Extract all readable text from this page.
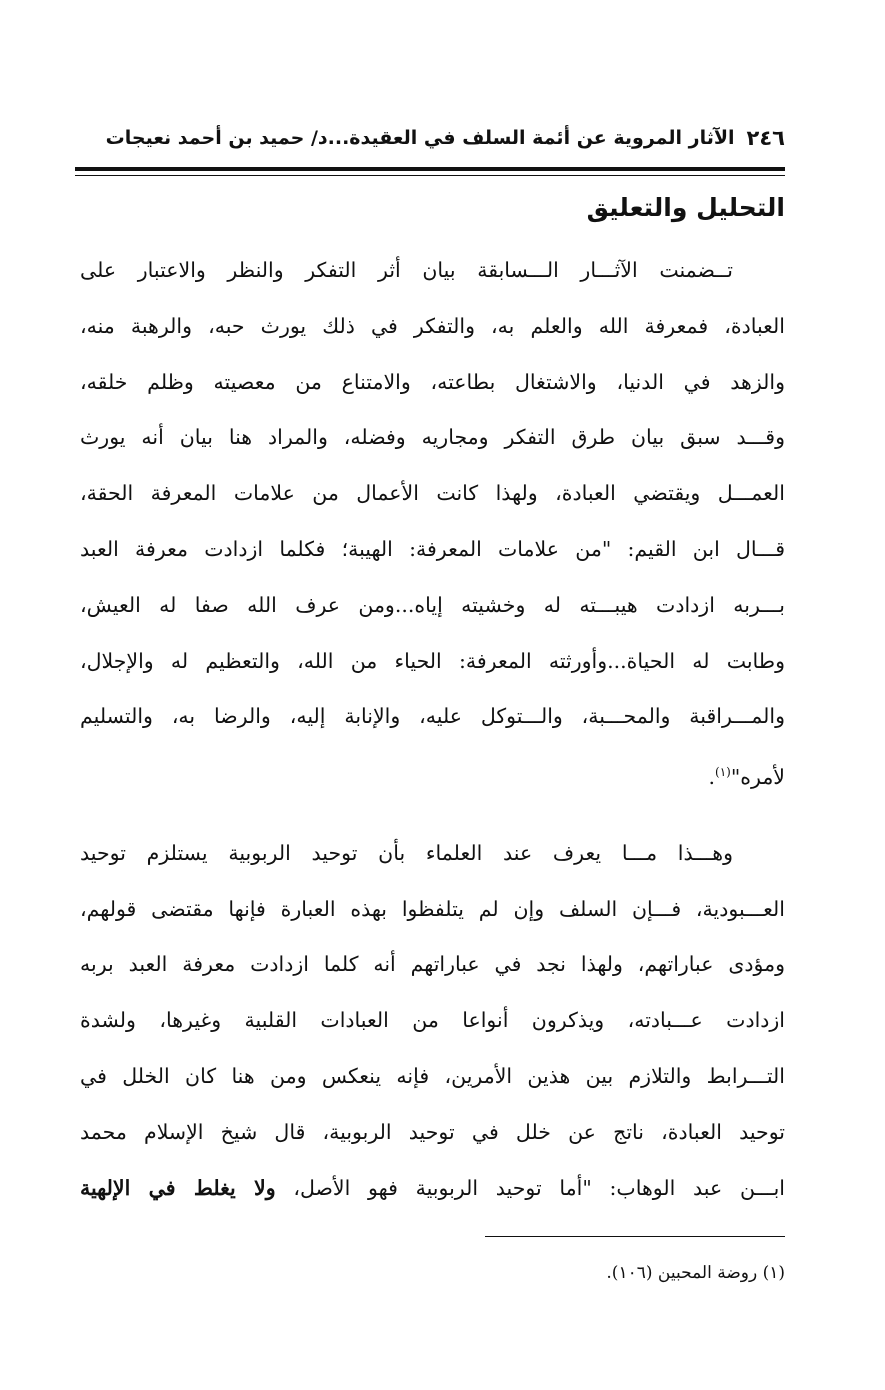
٢٤٦
الآثار المروية عن أئمة السلف في العقيدة...د/ حميد بن أحمد نعيجات
التحليل والتعليق
تــضمنت الآثـــار الـــسابقة بيان أثر التفكر والنظر والاعتبار على
العبادة، فمعرفة الله والعلم به، والتفكر في ذلك يورث حبه، والرهبة منه،
والزهد في الدنيا، والاشتغال بطاعته، والامتناع من معصيته وظلم خلقه،
وقـــد سبق بيان طرق التفكر ومجاريه وفضله، والمراد هنا بيان أنه يورث
العمـــل ويقتضي العبادة، ولهذا كانت الأعمال من علامات المعرفة الحقة،
قـــال ابن القيم: "من علامات المعرفة: الهيبة؛ فكلما ازدادت معرفة العبد
بـــربه ازدادت هيبـــته له وخشيته إياه...ومن عرف الله صفا له العيش،
وطابت له الحياة...وأورثته المعرفة: الحياء من الله، والتعظيم له والإجلال،
والمـــراقبة والمحـــبة، والـــتوكل عليه، والإنابة إليه، والرضا به، والتسليم
لأمره"$^{(١)}$.
وهـــذا مـــا يعرف عند العلماء بأن توحيد الربوبية يستلزم توحيد
العـــبودية، فـــإن السلف وإن لم يتلفظوا بهذه العبارة فإنها مقتضى قولهم،
ومؤدى عباراتهم، ولهذا نجد في عباراتهم أنه كلما ازدادت معرفة العبد بربه
ازدادت عـــبادته، ويذكرون أنواعا من العبادات القلبية وغيرها، ولشدة
التـــرابط والتلازم بين هذين الأمرين، فإنه ينعكس ومن هنا كان الخلل في
توحيد العبادة، ناتج عن خلل في توحيد الربوبية، قال شيخ الإسلام محمد
ابـــن عبد الوهاب: "أما توحيد الربوبية فهو الأصل، ولا يغلط في الإلهية
(١) روضة المحبين (١٠٦).
